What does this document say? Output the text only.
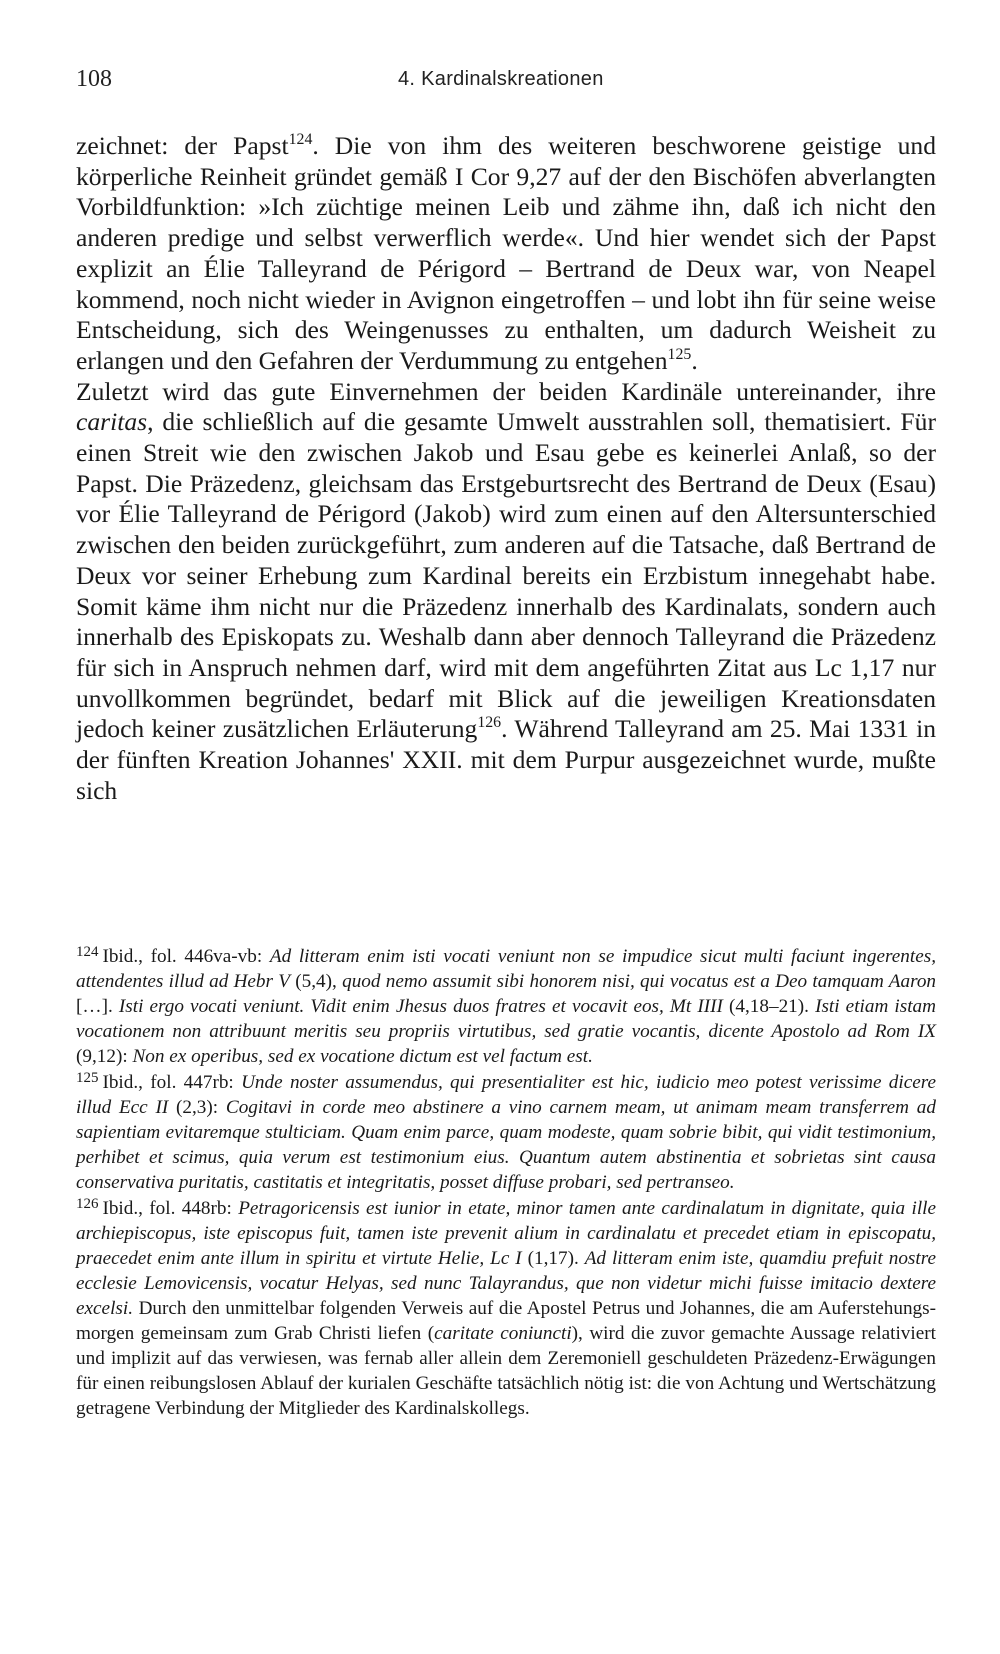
108	4. Kardinalskreationen

zeichnet: der Papst$^{124}$. Die von ihm des weiteren beschworene geistige und körperliche Reinheit gründet gemäß I Cor 9,27 auf der den Bischöfen abverlangten Vorbildfunktion: »Ich züchtige meinen Leib und zähme ihn, daß ich nicht den anderen predige und selbst verwerflich werde«. Und hier wendet sich der Papst explizit an Élie Talleyrand de Périgord – Bertrand de Deux war, von Neapel kommend, noch nicht wieder in Avignon eingetroffen – und lobt ihn für seine weise Entscheidung, sich des Weingenusses zu enthalten, um dadurch Weisheit zu erlangen und den Gefahren der Verdummung zu entgehen$^{125}$.

Zuletzt wird das gute Einvernehmen der beiden Kardinäle untereinander, ihre caritas, die schließlich auf die gesamte Umwelt ausstrahlen soll, thematisiert. Für einen Streit wie den zwischen Jakob und Esau gebe es keinerlei Anlaß, so der Papst. Die Präzedenz, gleichsam das Erstgeburtsrecht des Bertrand de Deux (Esau) vor Élie Talleyrand de Périgord (Jakob) wird zum einen auf den Altersunterschied zwischen den beiden zurückgeführt, zum anderen auf die Tatsache, daß Bertrand de Deux vor seiner Erhebung zum Kardinal bereits ein Erzbistum innegehabt habe. Somit käme ihm nicht nur die Präzedenz innerhalb des Kardinalats, sondern auch innerhalb des Episkopats zu. Weshalb dann aber dennoch Talleyrand die Präzedenz für sich in Anspruch nehmen darf, wird mit dem angeführten Zitat aus Lc 1,17 nur unvollkommen begründet, bedarf mit Blick auf die jeweiligen Kreationsdaten jedoch keiner zusätzlichen Erläuterung$^{126}$. Während Talleyrand am 25. Mai 1331 in der fünften Kreation Johannes' XXII. mit dem Purpur ausgezeichnet wurde, mußte sich

$^{124}$ Ibid., fol. 446va-vb: Ad litteram enim isti vocati veniunt non se impudice sicut multi faciunt ingerentes, attendentes illud ad Hebr V (5,4), quod nemo assumit sibi honorem nisi, qui vocatus est a Deo tamquam Aaron […]. Isti ergo vocati veniunt. Vidit enim Jhesus duos fratres et vocavit eos, Mt IIII (4,18–21). Isti etiam istam vocationem non attribuunt meritis seu propriis virtutibus, sed gratie vocantis, dicente Apostolo ad Rom IX (9,12): Non ex operibus, sed ex vocatione dictum est vel factum est.

$^{125}$ Ibid., fol. 447rb: Unde noster assumendus, qui presentialiter est hic, iudicio meo potest verissime dicere illud Ecc II (2,3): Cogitavi in corde meo abstinere a vino carnem meam, ut animam meam transferrem ad sapientiam evitaremque stulticiam. Quam enim parce, quam modeste, quam sobrie bibit, qui vidit testimonium, perhibet et scimus, quia verum est testimonium eius. Quantum autem abstinentia et sobrietas sint causa conservativa puritatis, castitatis et integritatis, posset diffuse probari, sed pertranseo.

$^{126}$ Ibid., fol. 448rb: Petragoricensis est iunior in etate, minor tamen ante cardinalatum in dignitate, quia ille archiepiscopus, iste episcopus fuit, tamen iste prevenit alium in cardinalatu et precedet etiam in episcopatu, praecedet enim ante illum in spiritu et virtute Helie, Lc I (1,17). Ad litteram enim iste, quamdiu prefuit nostre ecclesie Lemovicensis, vocatur Helyas, sed nunc Talayrandus, que non videtur michi fuisse imitacio dextere excelsi. Durch den unmittelbar folgenden Verweis auf die Apostel Petrus und Johannes, die am Auferstehungsmorgen gemeinsam zum Grab Christi liefen (caritate coniuncti), wird die zuvor gemachte Aussage relativiert und implizit auf das verwiesen, was fernab aller allein dem Zeremoniell geschuldeten Präzedenz-Erwägungen für einen reibungslosen Ablauf der kurialen Geschäfte tatsächlich nötig ist: die von Achtung und Wertschätzung getragene Verbindung der Mitglieder des Kardinalskollegs.
